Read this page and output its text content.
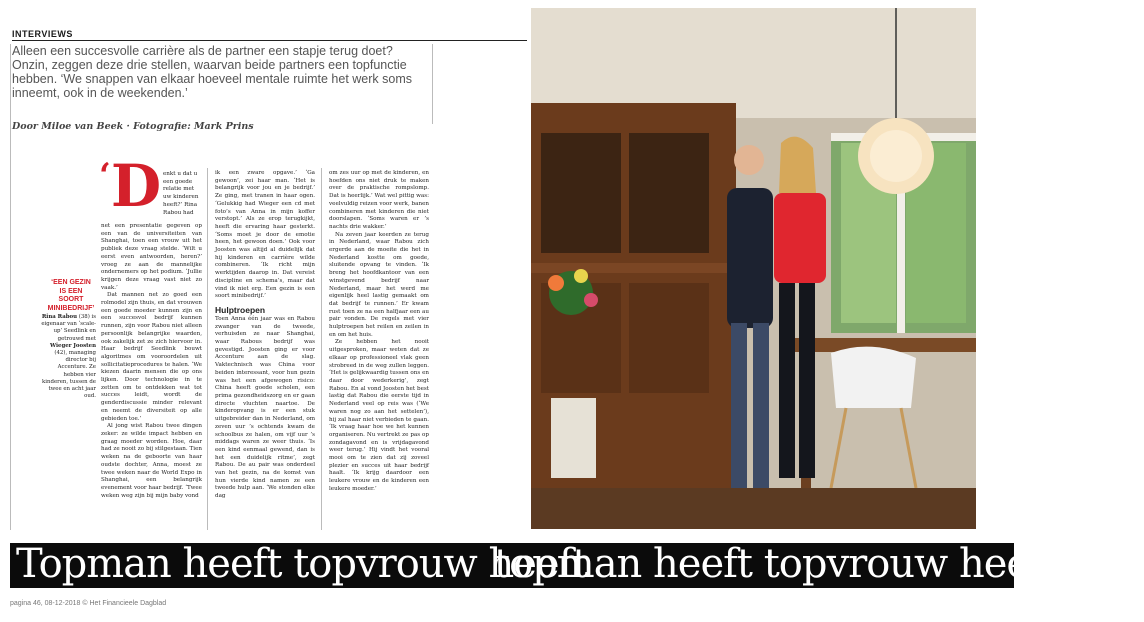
INTERVIEWS
Alleen een succesvolle carrière als de partner een stapje terug doet? Onzin, zeggen deze drie stellen, waarvan beide partners een topfunctie hebben. ‘We snappen van elkaar hoeveel mentale ruimte het werk soms inneemt, ook in de weekenden.’
Door Miloe van Beek · Fotografie: Mark Prins
‘EEN GEZIN IS EEN SOORT MINIBEDRIJF’
Rina Rabou (38) is eigenaar van ‘scale-up’ Seedlink en getrouwd met Wieger Joosten (42), managing director bij Accenture. Ze hebben vier kinderen, tussen de twee en acht jaar oud.
‘D enkt u dat u een goede relatie met uw kinderen heeft?’ Rina Rabou had

net een presentatie gegeven op een van de universiteiten van Shanghai, toen een vrouw uit het publiek deze vraag stelde. ‘Wilt u eerst even antwoorden, heren?’ vroeg ze aan de mannelijke ondernemers op het podium. ‘Jullie krijgen deze vraag vast niet zo vaak.’

Dat mannen net zo goed een rolmodel zijn thuis, en dat vrouwen een goede moeder kunnen zijn en een succesvol bedrijf kunnen runnen, zijn voor Rabou niet alleen persoonlijk belangrijke waarden, ook zakelijk zet ze zich hiervoor in. Haar bedrijf Seedlink bouwt algoritmes om vooroordelen uit sollicitatieprocedures te halen. ‘We kiezen daarin mensen die op ons lijken. Door technologie in te zetten om te ontdekken wat tot succes leidt, wordt de genderdiscussie minder relevant en neemt de diversiteit op alle gebieden toe.’

Al jong wist Rabou twee dingen zeker: ze wilde impact hebben en graag moeder worden. Hoe, daar had ze nooit zo bij stilgestaan. Tien weken na de geboorte van haar oudste dochter, Anna, moest ze twee weken naar de World Expo in Shanghai, een belangrijk evenement voor haar bedrijf. ‘Twee weken weg zijn bij mijn baby vond

ik een zware opgave.’ ‘Ga gewoon’, zei haar man. ‘Het is belangrijk voor jou en je bedrijf.’ Ze ging, met tranen in haar ogen. ‘Gelukkig had Wieger een cd met foto’s van Anna in mijn koffer verstopt.’ Als ze erop terugkijkt, heeft die ervaring haar gesterkt. ‘Soms moet je door de emotie heen, het gewoon doen.’ Ook voor Joosten was altijd al duidelijk dat hij kinderen en carrière wilde combineren. ‘Ik richt mijn werktijden daarop in. Dat vereist discipline en schema’s, maar dat vind ik niet erg. Een gezin is een soort minibedrijf.’

Hulptroepen

Toen Anna één jaar was en Rabou zwanger van de tweede, verhuisden ze naar Shanghai, waar Rabous bedrijf was gevestigd. Joosten ging er voor Accenture aan de slag. Vaktechnisch was China voor beiden interessant, voor hun gezin was het een afgewogen risico: China heeft goede scholen, een prima gezondheidszorg en er gaan directe vluchten naartoe. De kinderopvang is er een stuk uitgebreider dan in Nederland, om zeven uur ’s ochtends kwam de schoolbus ze halen, om vijf uur ’s middags waren ze weer thuis. ‘Is een kind eenmaal gewend, dan is het een duidelijk ritme’, zegt Rabou. De au pair was onderdeel van het gezin, na de komst van hun vierde kind namen ze een tweede hulp aan. ‘We stonden elke dag

om zes uur op met de kinderen, en hoefden ons niet druk te maken over de praktische rompslomp. Dat is heerlijk.’ Wat wel pittig was: veelvuldig reizen voor werk, banen combineren met kinderen die niet doorslapen. ‘Soms waren er ’s nachts drie wakker.’

Na zeven jaar keerden ze terug in Nederland, waar Rabou zich ergerde aan de moeite die het in Nederland kostte om goede, sluitende opvang te vinden. ‘Ik breng het hoofdkantoor van een winstgevend bedrijf naar Nederland, maar het werd me eigenlijk heel lastig gemaakt om dat bedrijf te runnen.’ Er kwam rust toen ze na een halfjaar een au pair vonden. De regels met vier hulptroepen het reilen en zeilen in en om het huis.

Ze hebben het nooit uitgesproken, maar weten dat ze elkaar op professioneel vlak geen strobreed in de weg zullen leggen. ‘Het is gelijkwaardig tussen ons en daar door wederkerig’, zegt Rabou. En al vond Joosten het best lastig dat Rabou die eerste tijd in Nederland veel op reis was (‘We waren nog zo aan het settelen’), hij zal haar niet verbieden te gaan. ‘Ik vraag haar hoe we het kunnen organiseren. Nu vertrekt ze pas op zondagavond en is vrijdagavond weer terug.’ Hij vindt het vooral mooi om te zien dat zij zoveel plezier en succes uit haar bedrijf haalt. ‘Ik krijg daardoor een leukere vrouw en de kinderen een leukere moeder.’

Topman heeft topvrouw heeft
topman heeft topvrouw heeft topi
pagina 46, 08-12-2018 © Het Financieele Dagblad
